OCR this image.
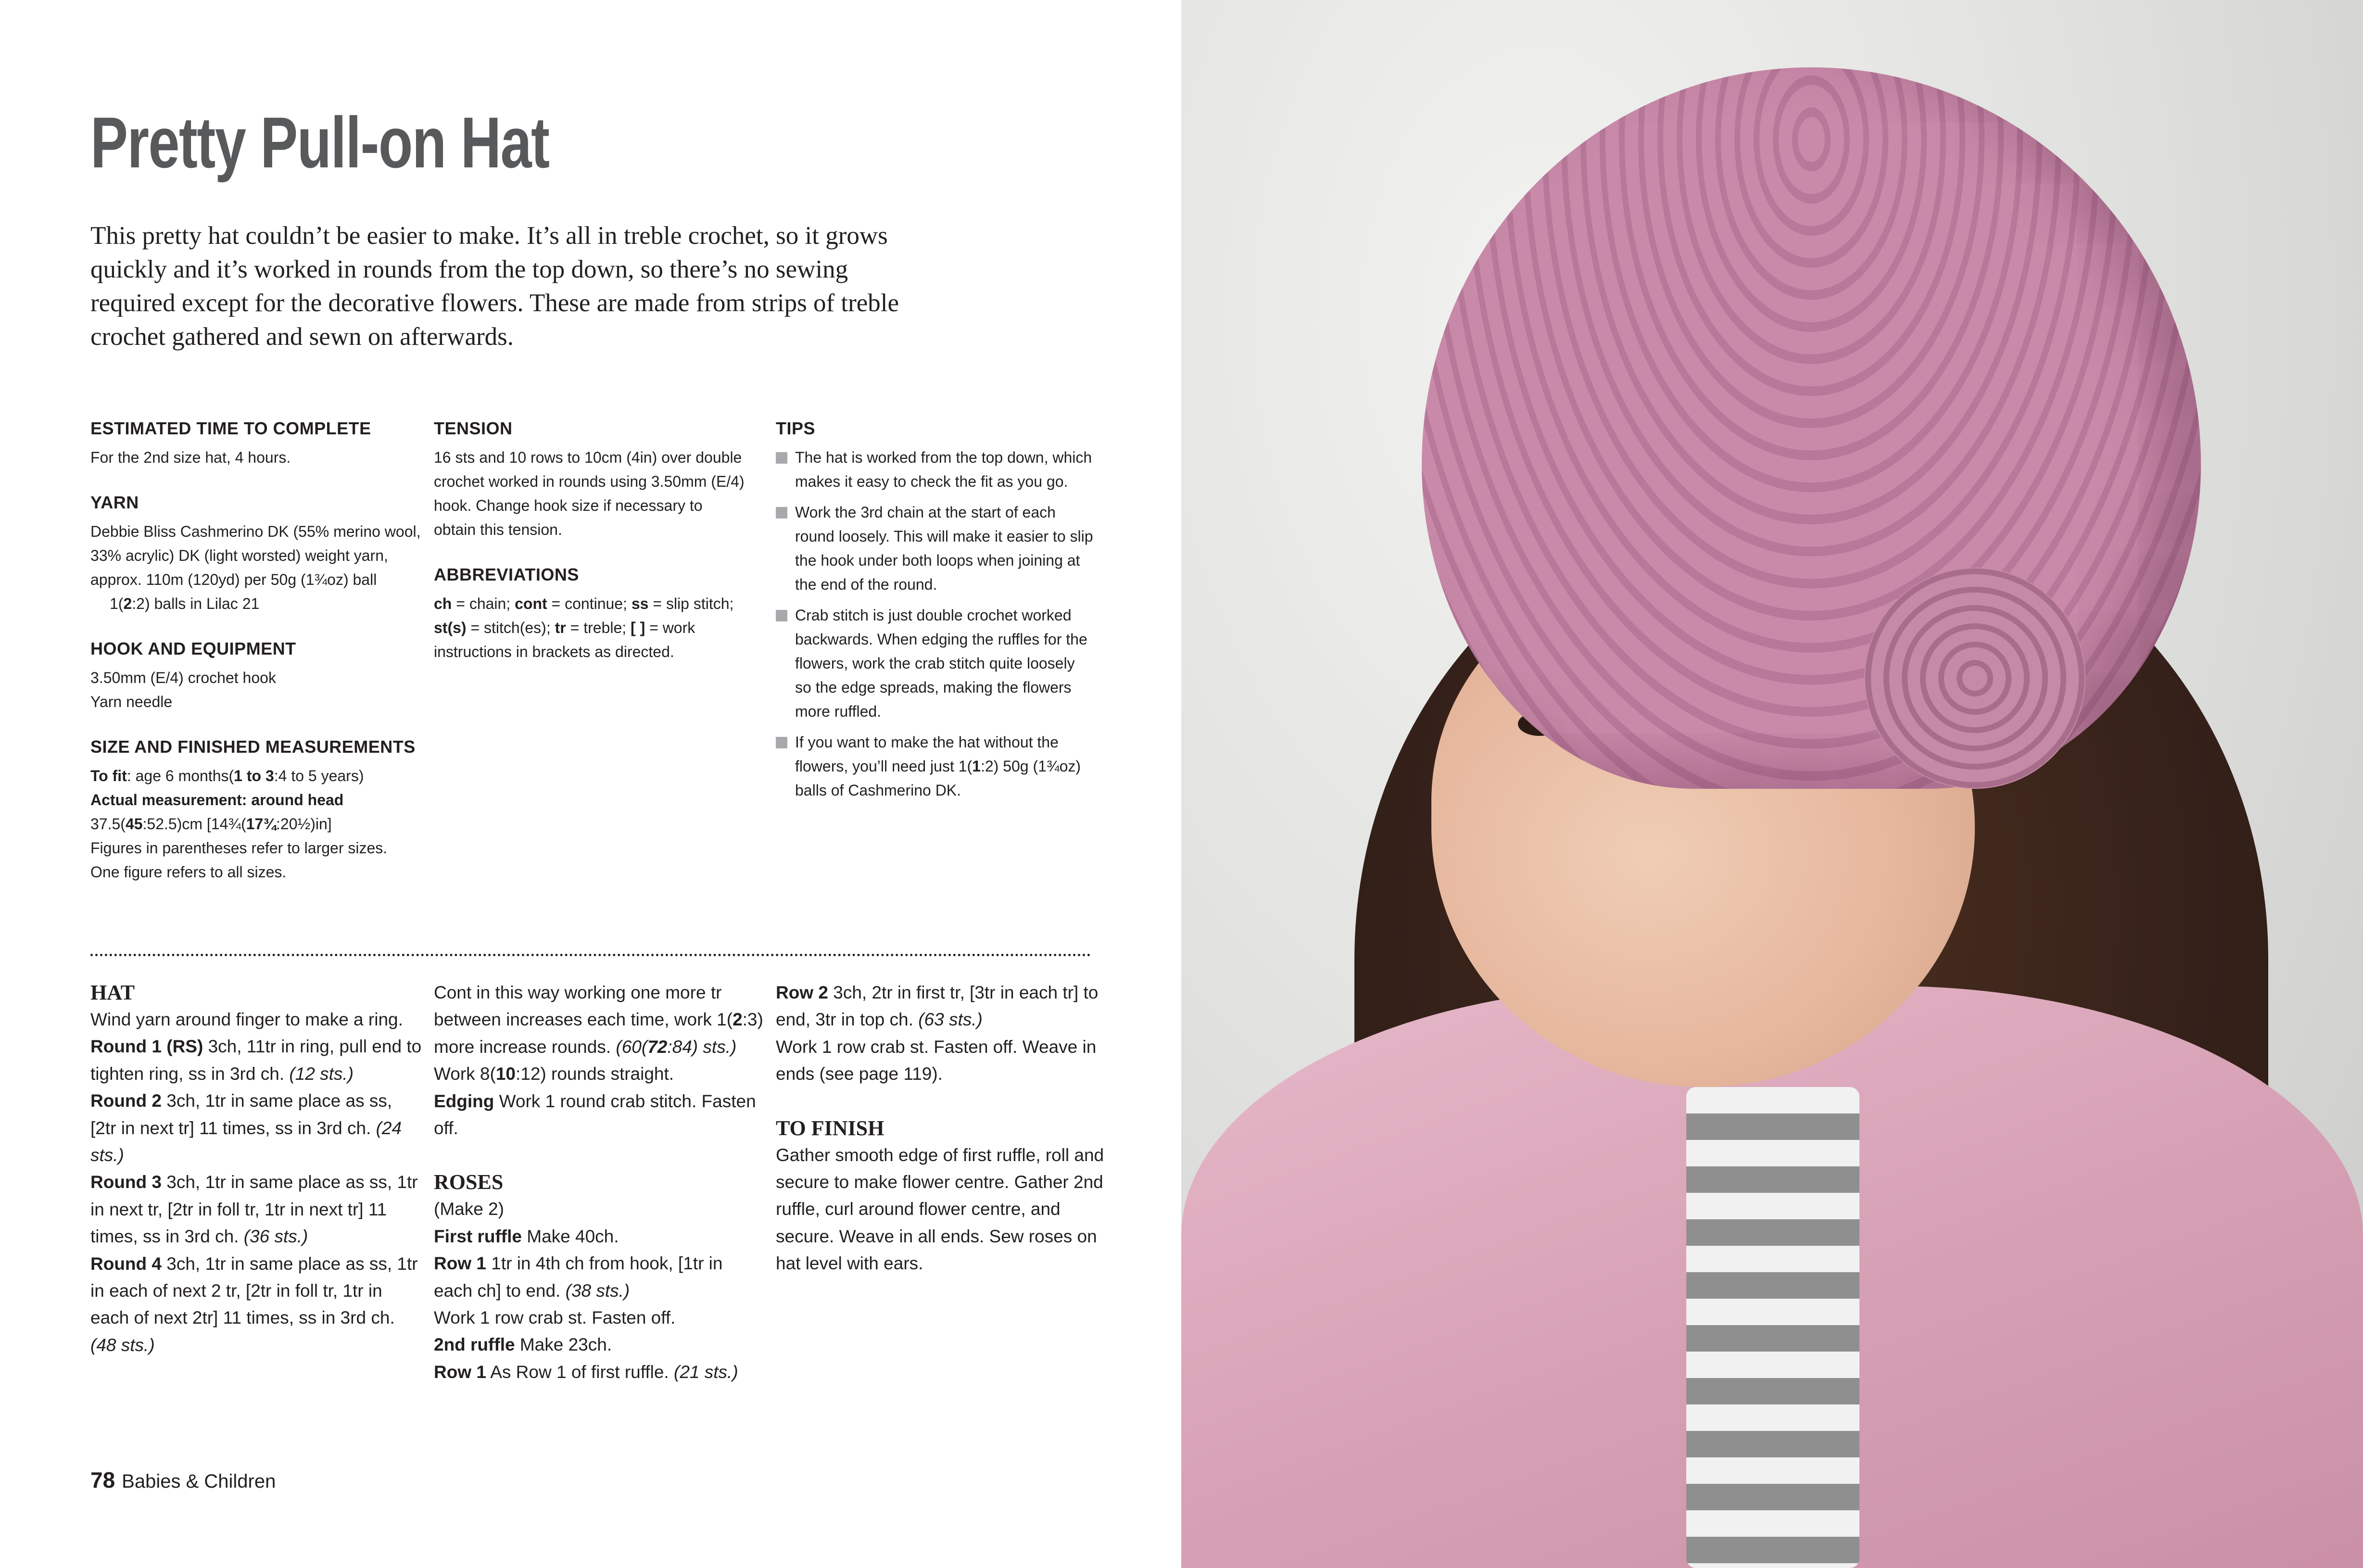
Pretty Pull-on Hat

This pretty hat couldn’t be easier to make. It’s all in treble crochet, so it grows quickly and it’s worked in rounds from the top down, so there’s no sewing required except for the decorative flowers. These are made from strips of treble crochet gathered and sewn on afterwards.

ESTIMATED TIME TO COMPLETE

For the 2nd size hat, 4 hours.

YARN

Debbie Bliss Cashmerino DK (55% merino wool, 33% acrylic) DK (light worsted) weight yarn, approx. 110m (120yd) per 50g (1¾oz) ball

1(2:2) balls in Lilac 21

HOOK AND EQUIPMENT

3.50mm (E/4) crochet hook

Yarn needle

SIZE AND FINISHED MEASUREMENTS

To fit: age 6 months(1 to 3:4 to 5 years)

Actual measurement: around head

37.5(45:52.5)cm [14¾(17¾:20½)in]

Figures in parentheses refer to larger sizes.

One figure refers to all sizes.

TENSION

16 sts and 10 rows to 10cm (4in) over double crochet worked in rounds using 3.50mm (E/4) hook. Change hook size if necessary to obtain this tension.

ABBREVIATIONS

ch = chain; cont = continue; ss = slip stitch; st(s) = stitch(es); tr = treble; [ ] = work instructions in brackets as directed.

TIPS

The hat is worked from the top down, which makes it easy to check the fit as you go.

Work the 3rd chain at the start of each round loosely. This will make it easier to slip the hook under both loops when joining at the end of the round.

Crab stitch is just double crochet worked backwards. When edging the ruffles for the flowers, work the crab stitch quite loosely so the edge spreads, making the flowers more ruffled.

If you want to make the hat without the flowers, you’ll need just 1(1:2) 50g (1¾oz) balls of Cashmerino DK.

HAT

Wind yarn around finger to make a ring.

Round 1 (RS) 3ch, 11tr in ring, pull end to tighten ring, ss in 3rd ch. (12 sts.)

Round 2 3ch, 1tr in same place as ss, [2tr in next tr] 11 times, ss in 3rd ch. (24 sts.)

Round 3 3ch, 1tr in same place as ss, 1tr in next tr, [2tr in foll tr, 1tr in next tr] 11 times, ss in 3rd ch. (36 sts.)

Round 4 3ch, 1tr in same place as ss, 1tr in each of next 2 tr, [2tr in foll tr, 1tr in each of next 2tr] 11 times, ss in 3rd ch. (48 sts.)

Cont in this way working one more tr between increases each time, work 1(2:3) more increase rounds. (60(72:84) sts.)

Work 8(10:12) rounds straight.

Edging Work 1 round crab stitch. Fasten off.

ROSES

(Make 2)

First ruffle Make 40ch.

Row 1 1tr in 4th ch from hook, [1tr in each ch] to end. (38 sts.)

Work 1 row crab st. Fasten off.

2nd ruffle Make 23ch.

Row 1 As Row 1 of first ruffle. (21 sts.)

Row 2 3ch, 2tr in first tr, [3tr in each tr] to end, 3tr in top ch. (63 sts.)

Work 1 row crab st. Fasten off. Weave in ends (see page 119).

TO FINISH

Gather smooth edge of first ruffle, roll and secure to make flower centre. Gather 2nd ruffle, curl around flower centre, and secure. Weave in all ends. Sew roses on hat level with ears.

78 Babies & Children
